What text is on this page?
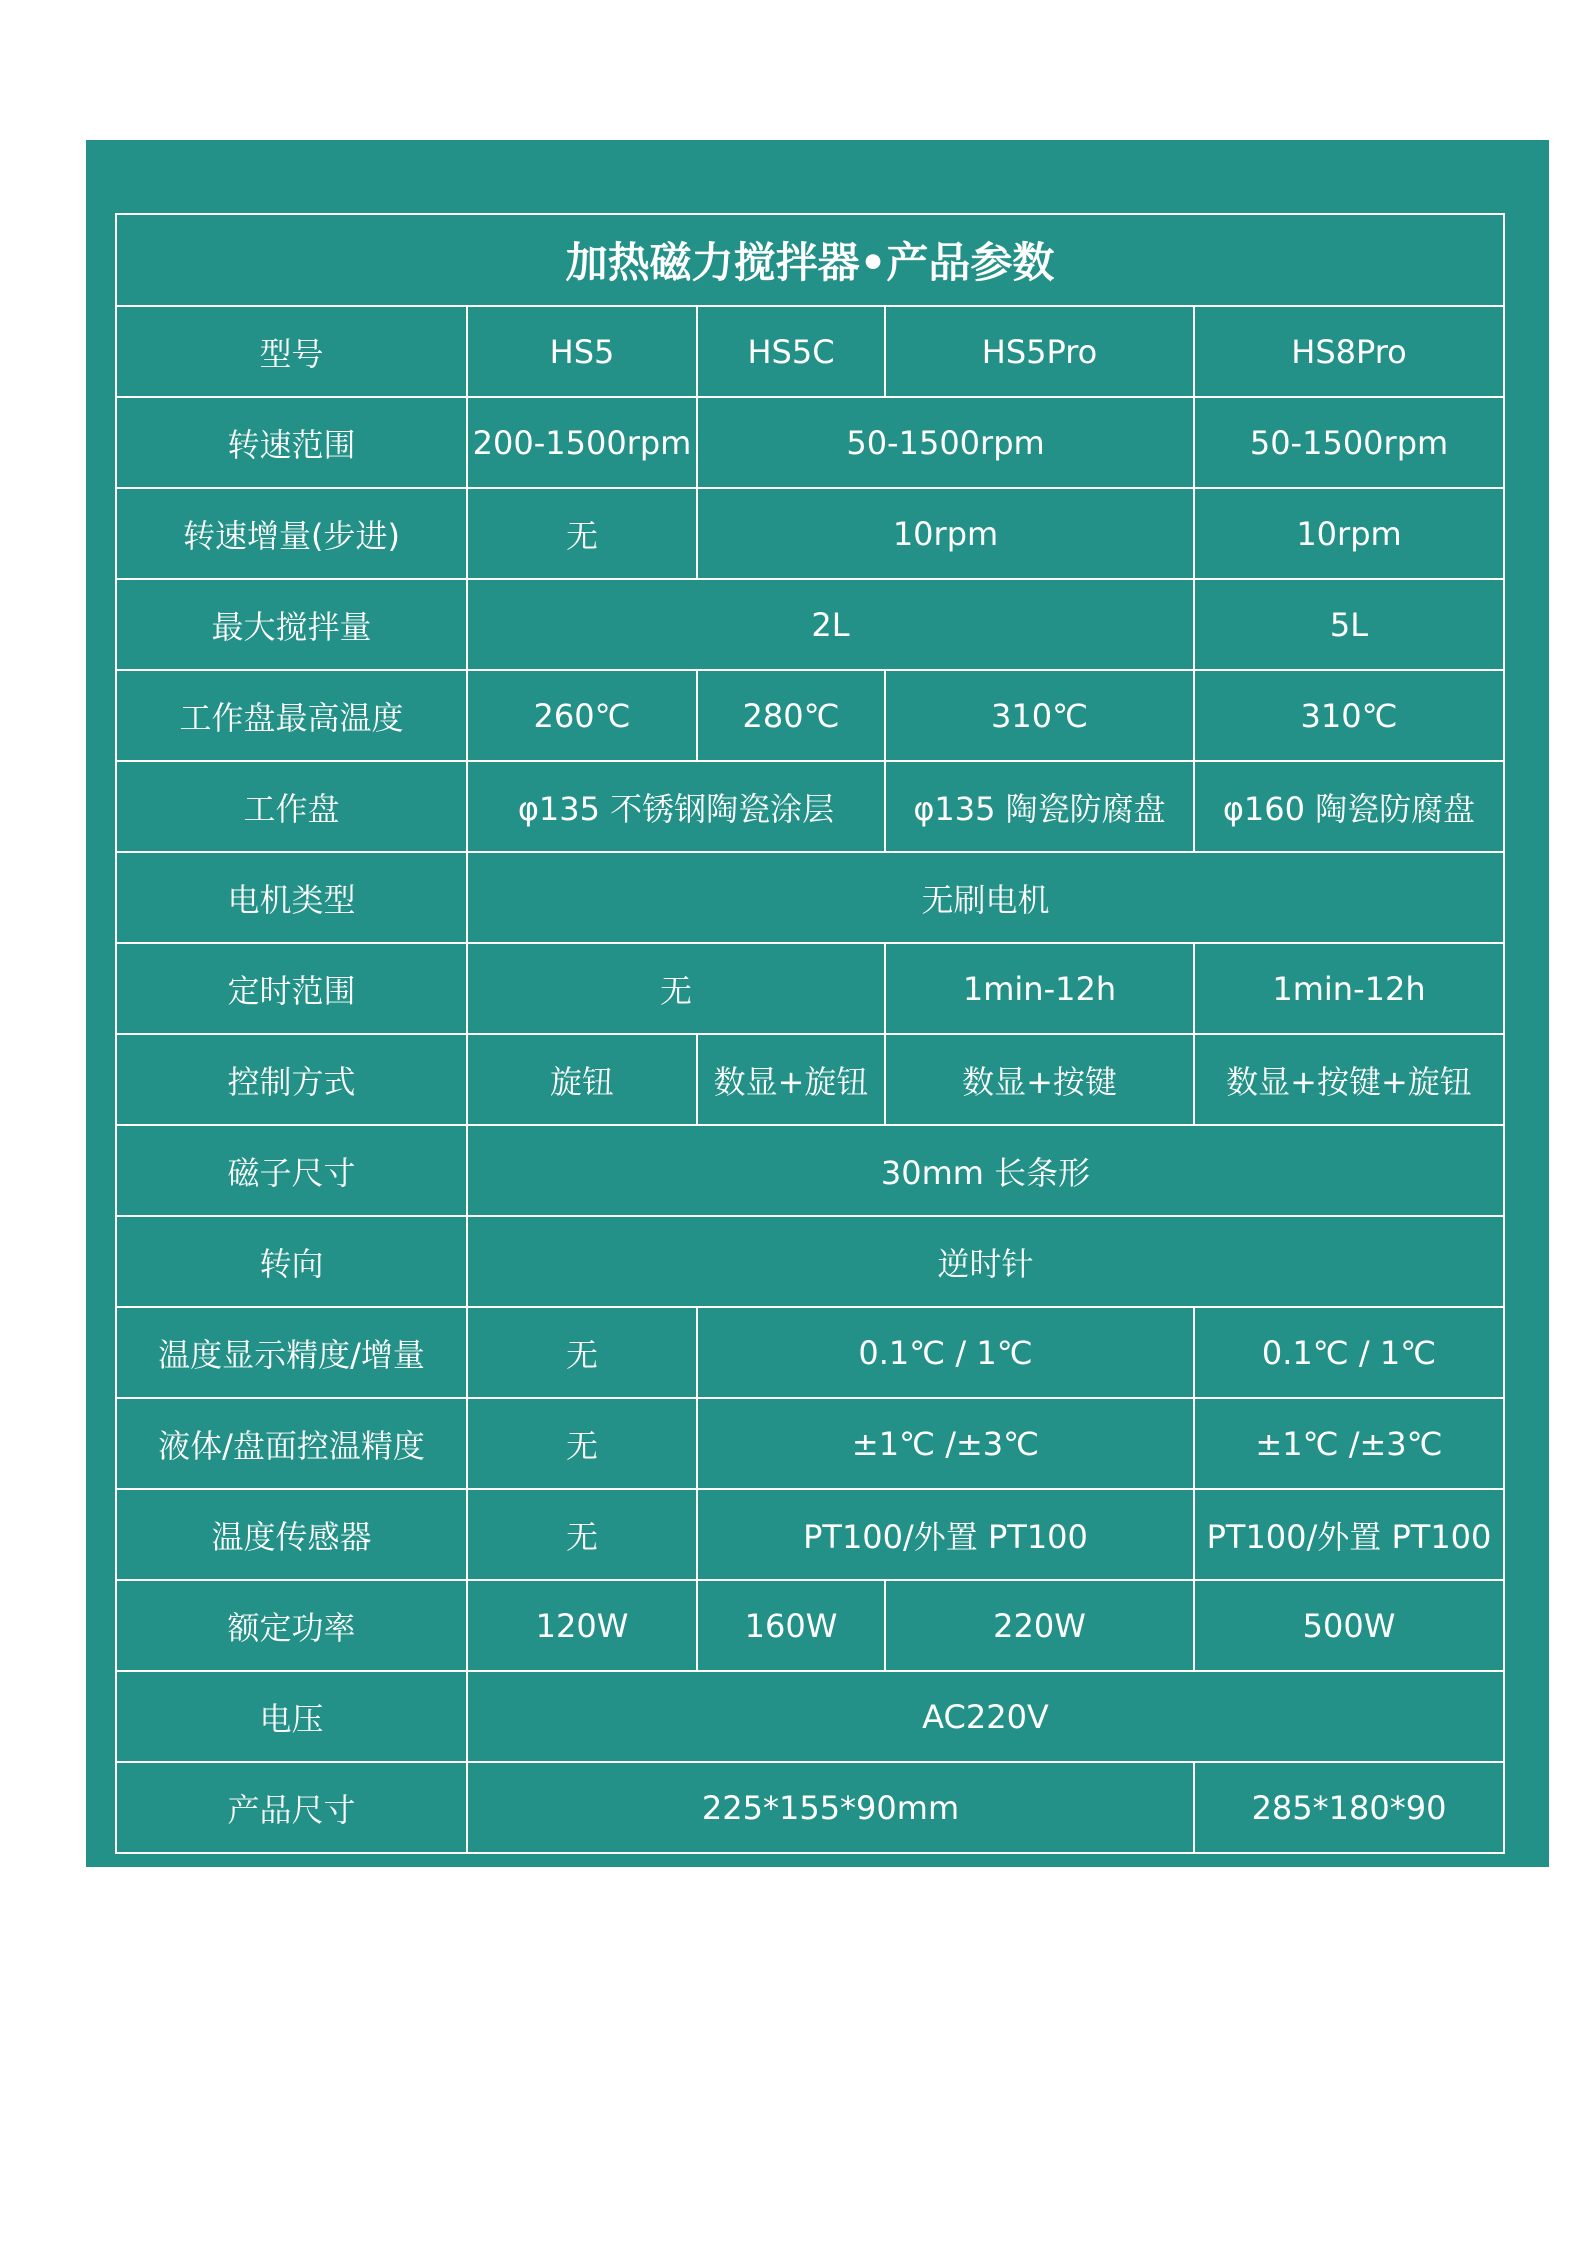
加热磁力搅拌器•产品参数				
型号	HS5	HS5C	HS5Pro	HS8Pro
转速范围	200-1500rpm	50-1500rpm		50-1500rpm
转速增量(步进)	无	10rpm		10rpm
最大搅拌量	2L			5L
工作盘最高温度	260℃	280℃	310℃	310℃
工作盘	φ135 不锈钢陶瓷涂层		φ135 陶瓷防腐盘	φ160 陶瓷防腐盘
电机类型	无刷电机			
定时范围	无		1min-12h	1min-12h
控制方式	旋钮	数显+旋钮	数显+按键	数显+按键+旋钮
磁子尺寸	30mm 长条形			
转向	逆时针			
温度显示精度/增量	无	0.1℃ / 1℃		0.1℃ / 1℃
液体/盘面控温精度	无	±1℃ /±3℃		±1℃ /±3℃
温度传感器	无	PT100/外置 PT100		PT100/外置 PT100
额定功率	120W	160W	220W	500W
电压	AC220V			
产品尺寸	225*155*90mm			285*180*90
